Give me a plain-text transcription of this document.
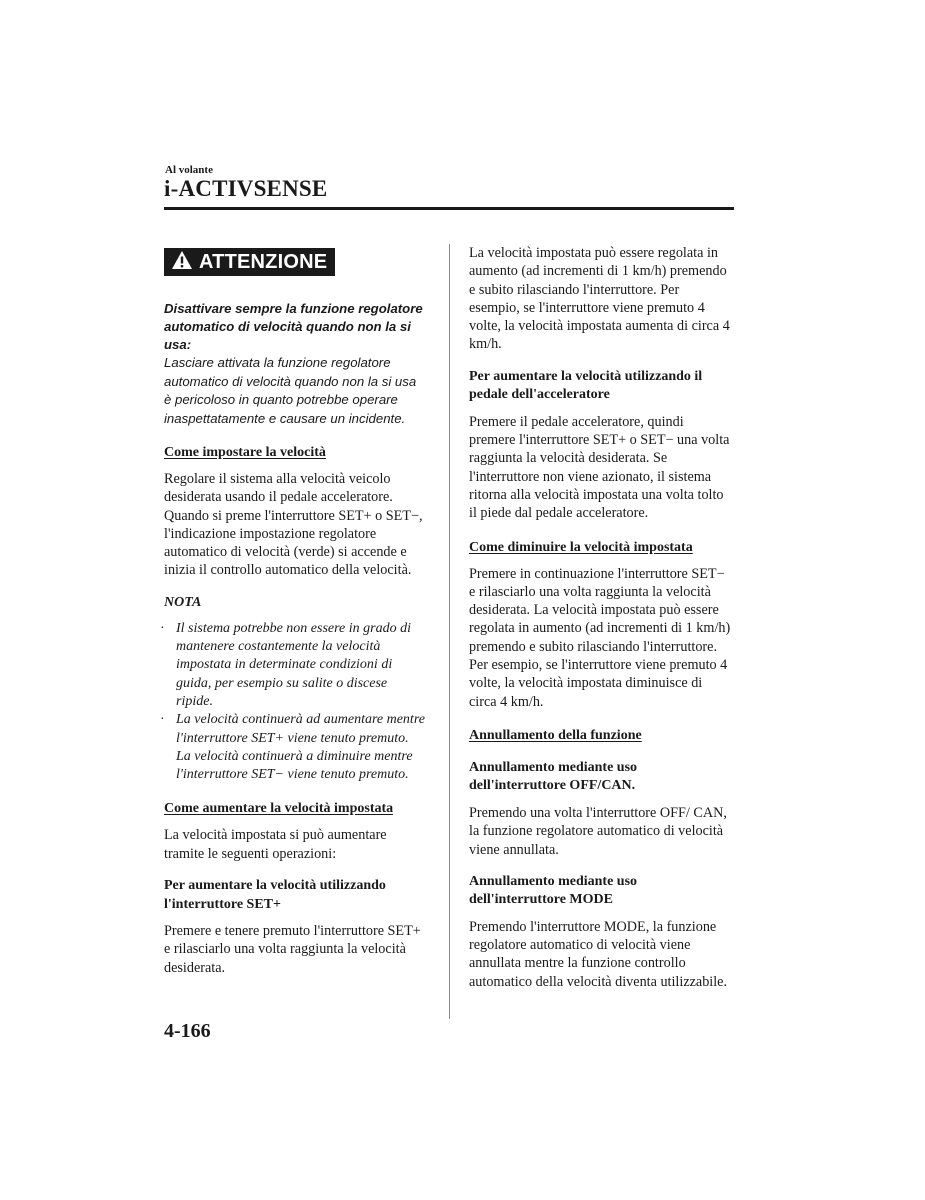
Al volante
i-ACTIVSENSE
ATTENZIONE
Disattivare sempre la funzione regolatore automatico di velocità quando non la si usa:
Lasciare attivata la funzione regolatore automatico di velocità quando non la si usa è pericoloso in quanto potrebbe operare inaspettatamente e causare un incidente.
Come impostare la velocità
Regolare il sistema alla velocità veicolo desiderata usando il pedale acceleratore. Quando si preme l'interruttore SET+ o SET−, l'indicazione impostazione regolatore automatico di velocità (verde) si accende e inizia il controllo automatico della velocità.
NOTA
· Il sistema potrebbe non essere in grado di mantenere costantemente la velocità impostata in determinate condizioni di guida, per esempio su salite o discese ripide.
· La velocità continuerà ad aumentare mentre l'interruttore SET+ viene tenuto premuto. La velocità continuerà a diminuire mentre l'interruttore SET− viene tenuto premuto.
Come aumentare la velocità impostata
La velocità impostata si può aumentare tramite le seguenti operazioni:
Per aumentare la velocità utilizzando l'interruttore SET+
Premere e tenere premuto l'interruttore SET+ e rilasciarlo una volta raggiunta la velocità desiderata.
La velocità impostata può essere regolata in aumento (ad incrementi di 1 km/h) premendo e subito rilasciando l'interruttore. Per esempio, se l'interruttore viene premuto 4 volte, la velocità impostata aumenta di circa 4 km/h.
Per aumentare la velocità utilizzando il pedale dell'acceleratore
Premere il pedale acceleratore, quindi premere l'interruttore SET+ o SET− una volta raggiunta la velocità desiderata. Se l'interruttore non viene azionato, il sistema ritorna alla velocità impostata una volta tolto il piede dal pedale acceleratore.
Come diminuire la velocità impostata
Premere in continuazione l'interruttore SET− e rilasciarlo una volta raggiunta la velocità desiderata. La velocità impostata può essere regolata in aumento (ad incrementi di 1 km/h) premendo e subito rilasciando l'interruttore. Per esempio, se l'interruttore viene premuto 4 volte, la velocità impostata diminuisce di circa 4 km/h.
Annullamento della funzione
Annullamento mediante uso dell'interruttore OFF/CAN.
Premendo una volta l'interruttore OFF/ CAN, la funzione regolatore automatico di velocità viene annullata.
Annullamento mediante uso dell'interruttore MODE
Premendo l'interruttore MODE, la funzione regolatore automatico di velocità viene annullata mentre la funzione controllo automatico della velocità diventa utilizzabile.
4-166
